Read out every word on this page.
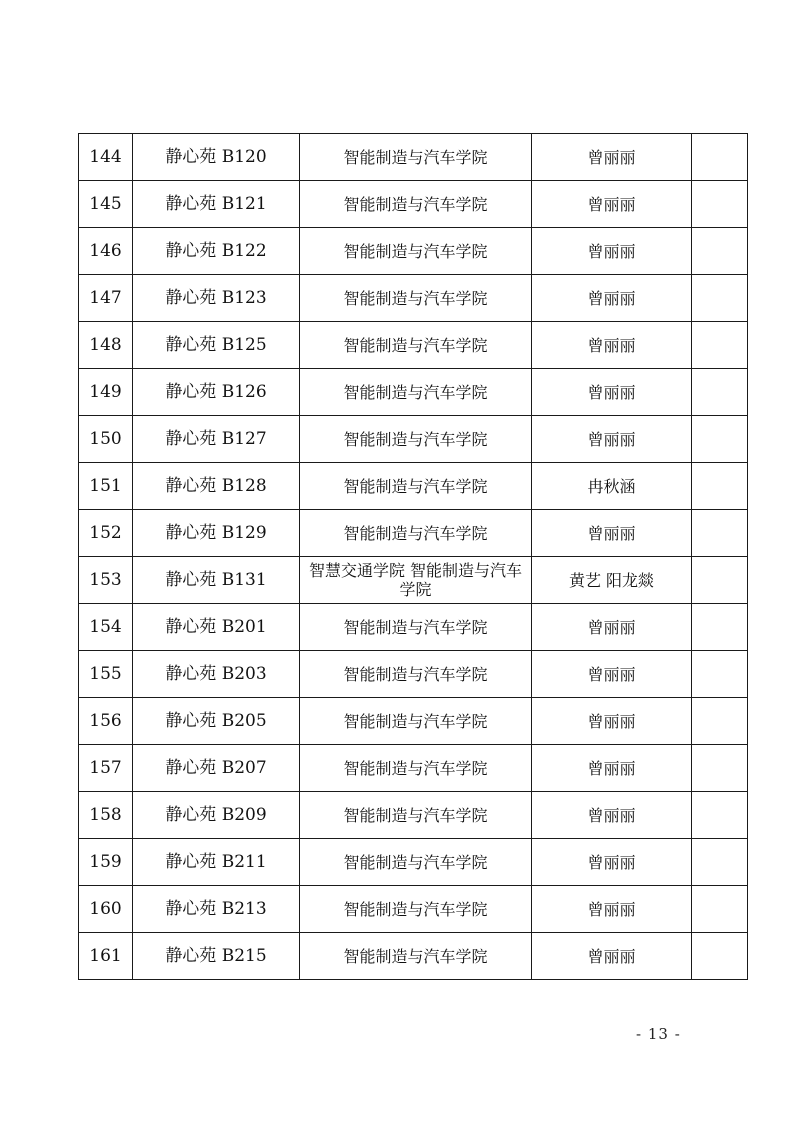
144	静心苑 B120	智能制造与汽车学院	曾丽丽	
145	静心苑 B121	智能制造与汽车学院	曾丽丽	
146	静心苑 B122	智能制造与汽车学院	曾丽丽	
147	静心苑 B123	智能制造与汽车学院	曾丽丽	
148	静心苑 B125	智能制造与汽车学院	曾丽丽	
149	静心苑 B126	智能制造与汽车学院	曾丽丽	
150	静心苑 B127	智能制造与汽车学院	曾丽丽	
151	静心苑 B128	智能制造与汽车学院	冉秋涵	
152	静心苑 B129	智能制造与汽车学院	曾丽丽	
153	静心苑 B131	智慧交通学院 智能制造与汽车学院	黄艺 阳龙燚	
154	静心苑 B201	智能制造与汽车学院	曾丽丽	
155	静心苑 B203	智能制造与汽车学院	曾丽丽	
156	静心苑 B205	智能制造与汽车学院	曾丽丽	
157	静心苑 B207	智能制造与汽车学院	曾丽丽	
158	静心苑 B209	智能制造与汽车学院	曾丽丽	
159	静心苑 B211	智能制造与汽车学院	曾丽丽	
160	静心苑 B213	智能制造与汽车学院	曾丽丽	
161	静心苑 B215	智能制造与汽车学院	曾丽丽	
- 13 -
